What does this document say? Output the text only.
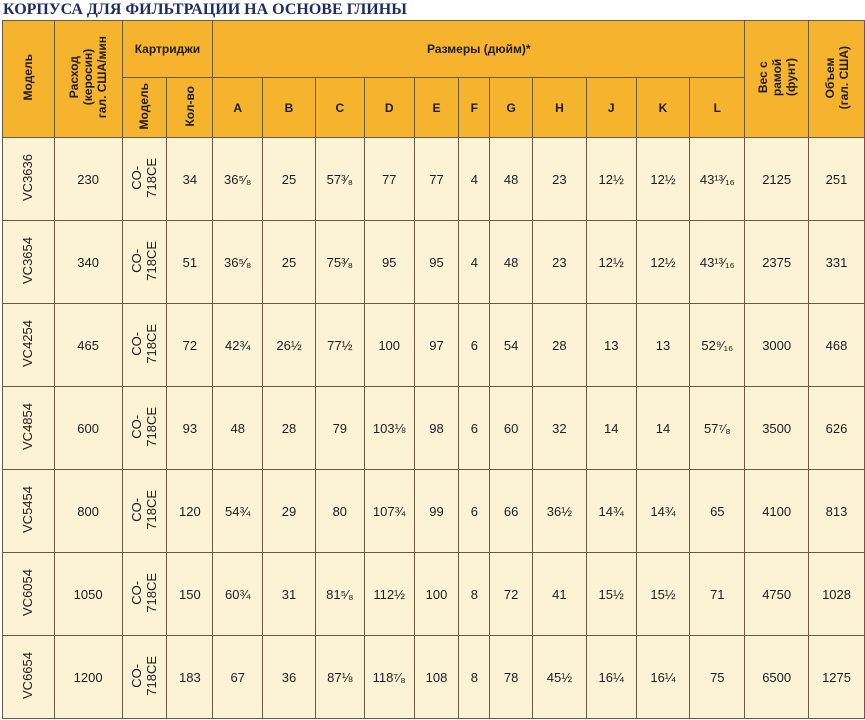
КОРПУСА ДЛЯ ФИЛЬТРАЦИИ НА ОСНОВЕ ГЛИНЫ
Модель	Расход
(керосин)
гал. США/мин	Картриджи		Размеры (дюйм)*											Вес с
рамой
(фунт)	Объем
(гал. США)
		Модель	Кол-во	A	B	C	D	E	F	G	H	J	K	L		
VC3636	230	CO-
718CE	34	36⁵⁄₈	25	57³⁄₈	77	77	4	48	23	12½	12½	43¹³⁄₁₆	2125	251
VC3654	340	CO-
718CE	51	36⁵⁄₈	25	75³⁄₈	95	95	4	48	23	12½	12½	43¹³⁄₁₆	2375	331
VC4254	465	CO-
718CE	72	42¾	26½	77½	100	97	6	54	28	13	13	52⁹⁄₁₆	3000	468
VC4854	600	CO-
718CE	93	48	28	79	103⅛	98	6	60	32	14	14	57⁷⁄₈	3500	626
VC5454	800	CO-
718CE	120	54¾	29	80	107¾	99	6	66	36½	14¾	14¾	65	4100	813
VC6054	1050	CO-
718CE	150	60¾	31	81⁵⁄₈	112½	100	8	72	41	15½	15½	71	4750	1028
VC6654	1200	CO-
718CE	183	67	36	87⅛	118⁷⁄₈	108	8	78	45½	16¼	16¼	75	6500	1275
